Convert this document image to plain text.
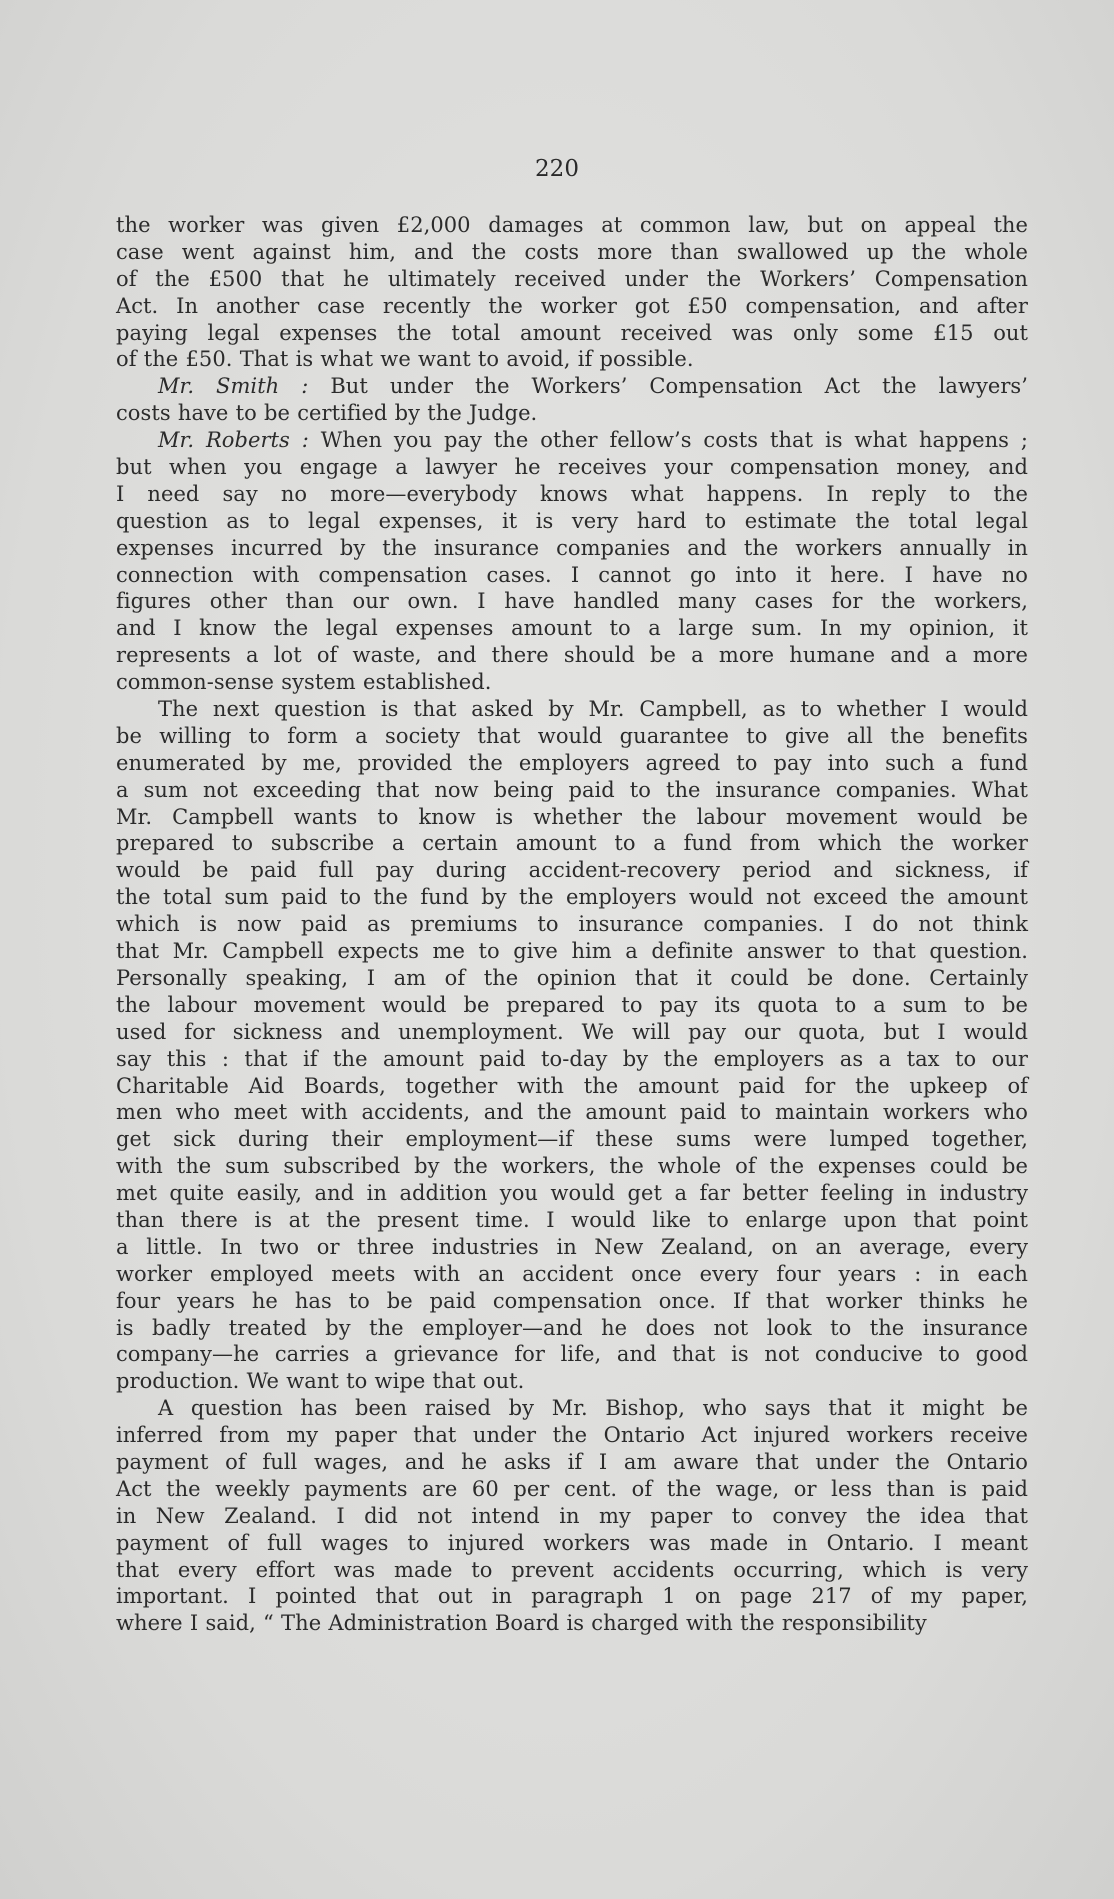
220
the worker was given £2,000 damages at common law, but on appeal the
case went against him, and the costs more than swallowed up the whole
of the £500 that he ultimately received under the Workers’ Compensation
Act. In another case recently the worker got £50 compensation, and after
paying legal expenses the total amount received was only some £15 out
of the £50. That is what we want to avoid, if possible.
Mr. Smith : But under the Workers’ Compensation Act the lawyers’
costs have to be certified by the Judge.
Mr. Roberts : When you pay the other fellow’s costs that is what happens ;
but when you engage a lawyer he receives your compensation money, and
I need say no more—everybody knows what happens. In reply to the
question as to legal expenses, it is very hard to estimate the total legal
expenses incurred by the insurance companies and the workers annually in
connection with compensation cases. I cannot go into it here. I have no
figures other than our own. I have handled many cases for the workers,
and I know the legal expenses amount to a large sum. In my opinion, it
represents a lot of waste, and there should be a more humane and a more
common-sense system established.
The next question is that asked by Mr. Campbell, as to whether I would
be willing to form a society that would guarantee to give all the benefits
enumerated by me, provided the employers agreed to pay into such a fund
a sum not exceeding that now being paid to the insurance companies. What
Mr. Campbell wants to know is whether the labour movement would be
prepared to subscribe a certain amount to a fund from which the worker
would be paid full pay during accident-recovery period and sickness, if
the total sum paid to the fund by the employers would not exceed the amount
which is now paid as premiums to insurance companies. I do not think
that Mr. Campbell expects me to give him a definite answer to that question.
Personally speaking, I am of the opinion that it could be done. Certainly
the labour movement would be prepared to pay its quota to a sum to be
used for sickness and unemployment. We will pay our quota, but I would
say this : that if the amount paid to-day by the employers as a tax to our
Charitable Aid Boards, together with the amount paid for the upkeep of
men who meet with accidents, and the amount paid to maintain workers who
get sick during their employment—if these sums were lumped together,
with the sum subscribed by the workers, the whole of the expenses could be
met quite easily, and in addition you would get a far better feeling in industry
than there is at the present time. I would like to enlarge upon that point
a little. In two or three industries in New Zealand, on an average, every
worker employed meets with an accident once every four years : in each
four years he has to be paid compensation once. If that worker thinks he
is badly treated by the employer—and he does not look to the insurance
company—he carries a grievance for life, and that is not conducive to good
production. We want to wipe that out.
A question has been raised by Mr. Bishop, who says that it might be
inferred from my paper that under the Ontario Act injured workers receive
payment of full wages, and he asks if I am aware that under the Ontario
Act the weekly payments are 60 per cent. of the wage, or less than is paid
in New Zealand. I did not intend in my paper to convey the idea that
payment of full wages to injured workers was made in Ontario. I meant
that every effort was made to prevent accidents occurring, which is very
important. I pointed that out in paragraph 1 on page 217 of my paper,
where I said, “ The Administration Board is charged with the responsibility
